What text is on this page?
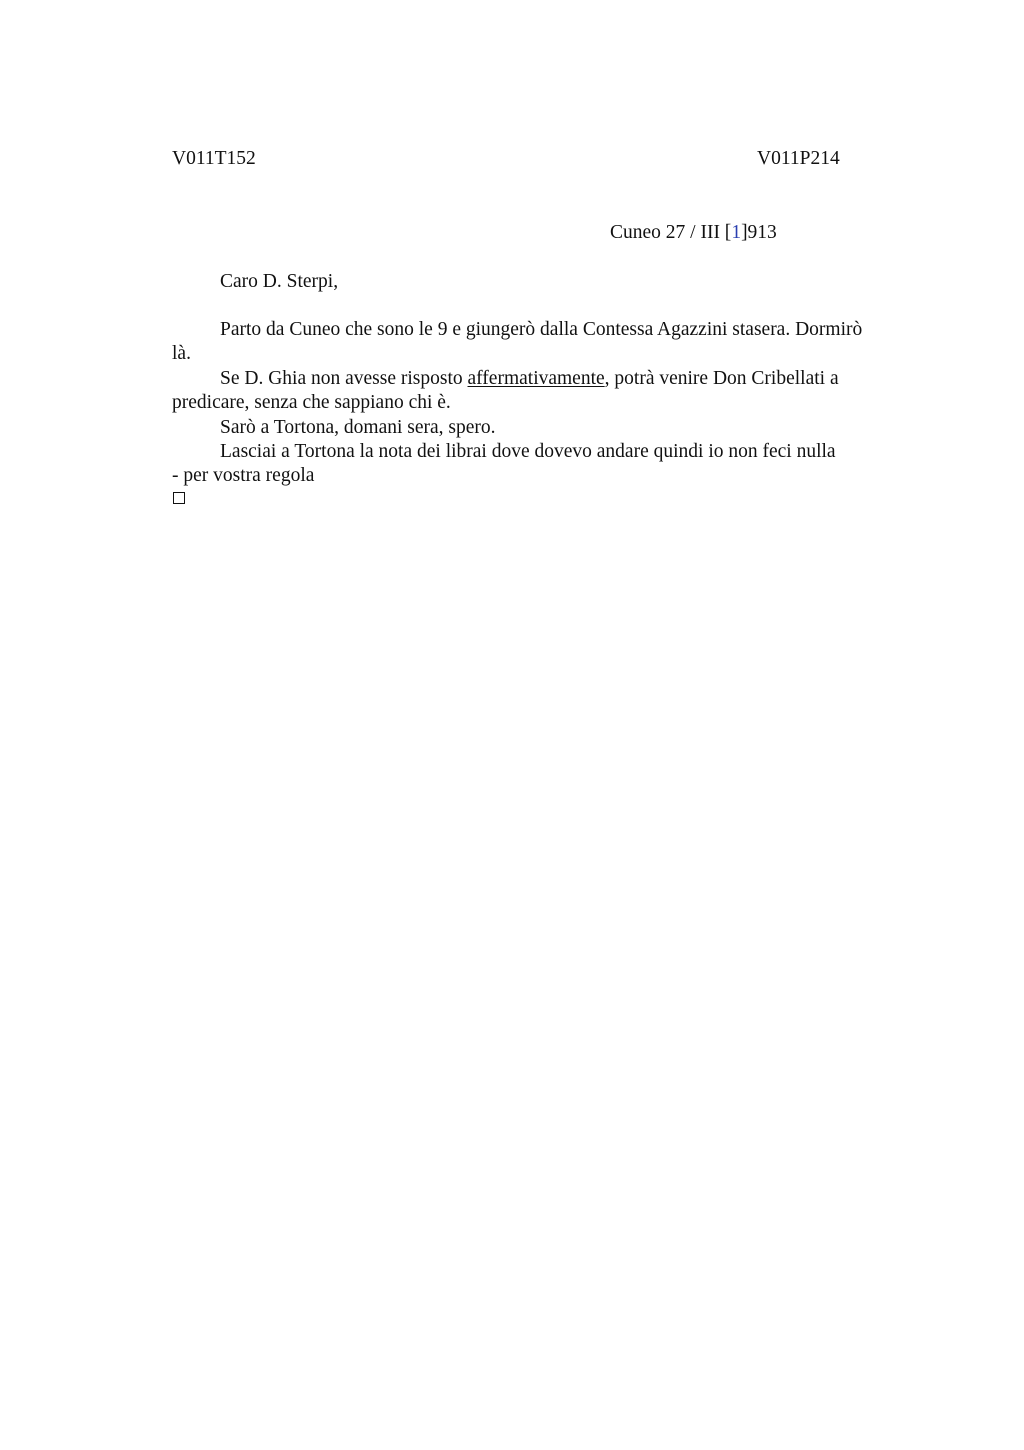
V011T152	V011P214
Cuneo 27 / III [1]913
Caro D. Sterpi,

Parto da Cuneo che sono le 9 e giungerò dalla Contessa Agazzini stasera. Dormirò là.

Se D. Ghia non avesse risposto affermativamente, potrà venire Don Cribellati a predicare, senza che sappiano chi è.

Sarò a Tortona, domani sera, spero.

Lasciai a Tortona la nota dei librai dove dovevo andare quindi io non feci nulla
- per vostra regola
